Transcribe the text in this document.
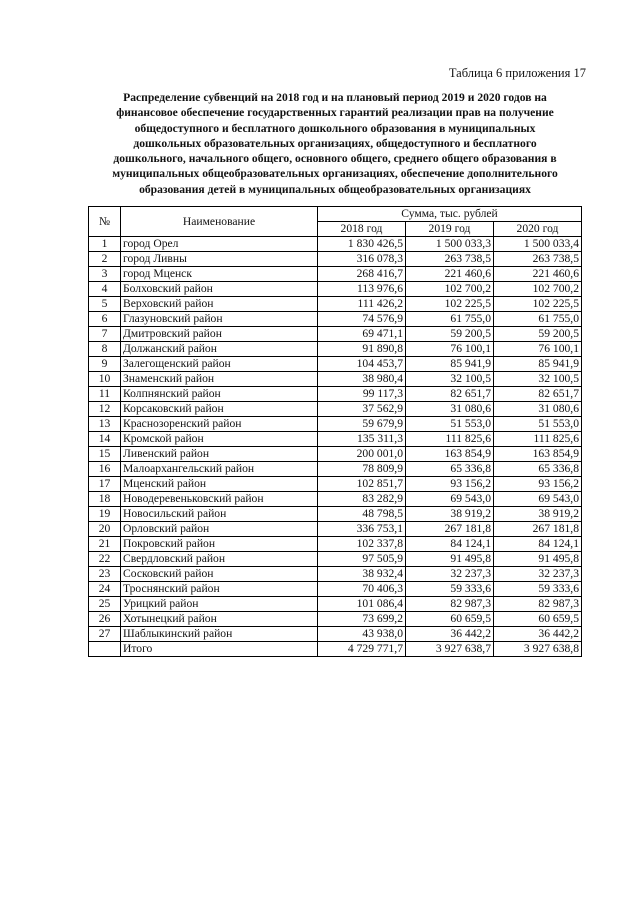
Таблица 6 приложения 17
Распределение субвенций на 2018 год и на плановый период 2019 и 2020 годов на
финансовое обеспечение государственных гарантий реализации прав на получение
общедоступного и бесплатного дошкольного образования в муниципальных
дошкольных образовательных организациях, общедоступного и бесплатного
дошкольного, начального общего, основного общего, среднего общего образования в
муниципальных общеобразовательных организациях, обеспечение дополнительного
образования детей в муниципальных общеобразовательных организациях
№	Наименование	Сумма, тыс. рублей		
		2018 год	2019 год	2020 год
1	город Орел	1 830 426,5	1 500 033,3	1 500 033,4
2	город Ливны	316 078,3	263 738,5	263 738,5
3	город Мценск	268 416,7	221 460,6	221 460,6
4	Болховский район	113 976,6	102 700,2	102 700,2
5	Верховский район	111 426,2	102 225,5	102 225,5
6	Глазуновский район	74 576,9	61 755,0	61 755,0
7	Дмитровский район	69 471,1	59 200,5	59 200,5
8	Должанский район	91 890,8	76 100,1	76 100,1
9	Залегощенский район	104 453,7	85 941,9	85 941,9
10	Знаменский район	38 980,4	32 100,5	32 100,5
11	Колпнянский район	99 117,3	82 651,7	82 651,7
12	Корсаковский район	37 562,9	31 080,6	31 080,6
13	Краснозоренский район	59 679,9	51 553,0	51 553,0
14	Кромской район	135 311,3	111 825,6	111 825,6
15	Ливенский район	200 001,0	163 854,9	163 854,9
16	Малоархангельский район	78 809,9	65 336,8	65 336,8
17	Мценский район	102 851,7	93 156,2	93 156,2
18	Новодеревеньковский район	83 282,9	69 543,0	69 543,0
19	Новосильский район	48 798,5	38 919,2	38 919,2
20	Орловский район	336 753,1	267 181,8	267 181,8
21	Покровский район	102 337,8	84 124,1	84 124,1
22	Свердловский район	97 505,9	91 495,8	91 495,8
23	Сосковский район	38 932,4	32 237,3	32 237,3
24	Троснянский район	70 406,3	59 333,6	59 333,6
25	Урицкий район	101 086,4	82 987,3	82 987,3
26	Хотынецкий район	73 699,2	60 659,5	60 659,5
27	Шаблыкинский район	43 938,0	36 442,2	36 442,2
	Итого	4 729 771,7	3 927 638,7	3 927 638,8
